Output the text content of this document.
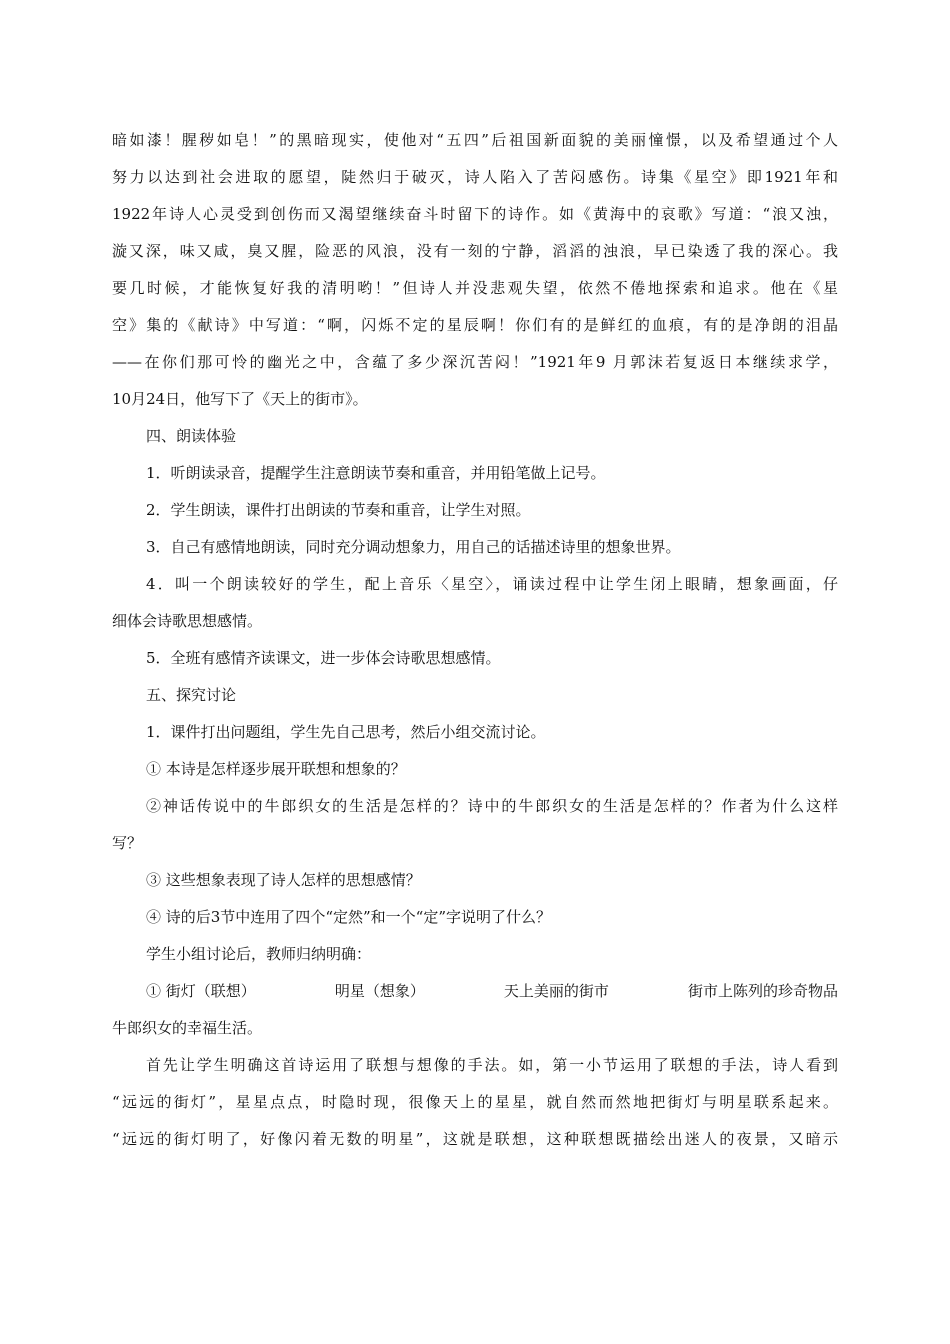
暗如漆！腥秽如皂！”的黑暗现实，使他对“五四”后祖国新面貌的美丽憧憬，以及希望通过个人
努力以达到社会进取的愿望，陡然归于破灭，诗人陷入了苦闷感伤。诗集《星空》即1921年和
1922年诗人心灵受到创伤而又渴望继续奋斗时留下的诗作。如《黄海中的哀歌》写道：“浪又浊，
漩又深，味又咸，臭又腥，险恶的风浪，没有一刻的宁静，滔滔的浊浪，早已染透了我的深心。我
要几时候，才能恢复好我的清明哟！”但诗人并没悲观失望，依然不倦地探索和追求。他在《星
空》集的《献诗》中写道：“啊，闪烁不定的星辰啊！你们有的是鲜红的血痕，有的是净朗的泪晶
——在你们那可怜的幽光之中，含蕴了多少深沉苦闷！”1921年9 月郭沫若复返日本继续求学，
10月24日，他写下了《天上的街市》。
四、朗读体验
1．听朗读录音，提醒学生注意朗读节奏和重音，并用铅笔做上记号。
2．学生朗读，课件打出朗读的节奏和重音，让学生对照。
3．自己有感情地朗读，同时充分调动想象力，用自己的话描述诗里的想象世界。
4．叫一个朗读较好的学生，配上音乐〈星空〉，诵读过程中让学生闭上眼睛，想象画面，仔
细体会诗歌思想感情。
5．全班有感情齐读课文，进一步体会诗歌思想感情。
五、探究讨论
1．课件打出问题组，学生先自己思考，然后小组交流讨论。
① 本诗是怎样逐步展开联想和想象的？
②神话传说中的牛郎织女的生活是怎样的？诗中的牛郎织女的生活是怎样的？作者为什么这样
写？
③ 这些想象表现了诗人怎样的思想感情？
④ 诗的后3节中连用了四个“定然”和一个“定”字说明了什么？
学生小组讨论后，教师归纳明确：
① 街灯（联想）	明星（想象）	天上美丽的街市	街市上陈列的珍奇物品
牛郎织女的幸福生活。
首先让学生明确这首诗运用了联想与想像的手法。如，第一小节运用了联想的手法，诗人看到
“远远的街灯”，星星点点，时隐时现，很像天上的星星，就自然而然地把街灯与明星联系起来。
“远远的街灯明了，好像闪着无数的明星”，这就是联想，这种联想既描绘出迷人的夜景，又暗示
